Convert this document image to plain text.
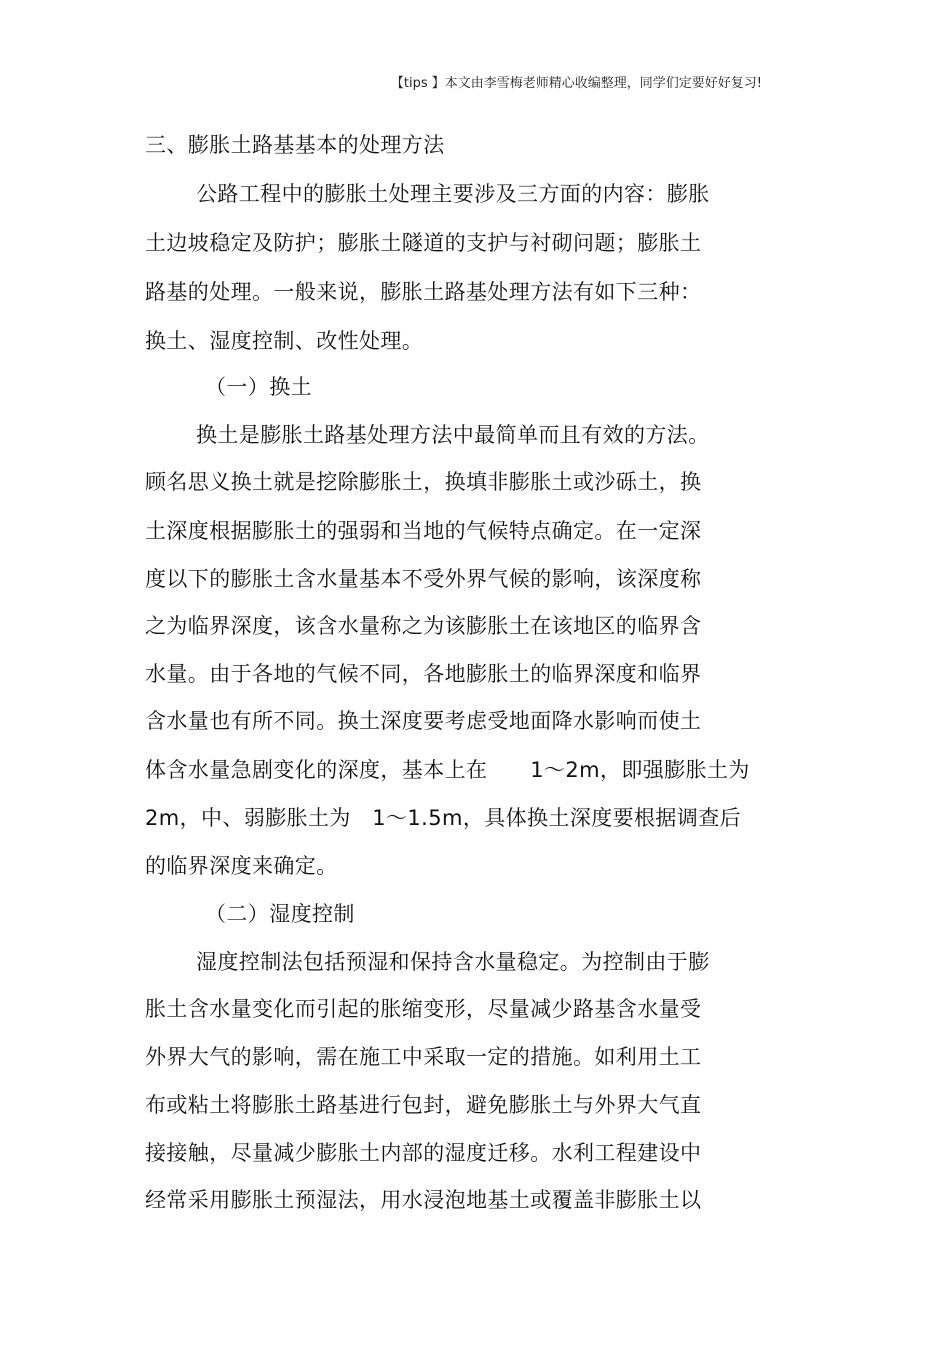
【tips 】本文由李雪梅老师精心收编整理，同学们定要好好复习!
三、膨胀土路基基本的处理方法
公路工程中的膨胀土处理主要涉及三方面的内容：膨胀
土边坡稳定及防护；膨胀土隧道的支护与衬砌问题；膨胀土
路基的处理。一般来说，膨胀土路基处理方法有如下三种：
换土、湿度控制、改性处理。
（一）换土
换土是膨胀土路基处理方法中最简单而且有效的方法。
顾名思义换土就是挖除膨胀土，换填非膨胀土或沙砾土，换
土深度根据膨胀土的强弱和当地的气候特点确定。在一定深
度以下的膨胀土含水量基本不受外界气候的影响，该深度称
之为临界深度，该含水量称之为该膨胀土在该地区的临界含
水量。由于各地的气候不同，各地膨胀土的临界深度和临界
含水量也有所不同。换土深度要考虑受地面降水影响而使土
体含水量急剧变化的深度，基本上在　　1～2m，即强膨胀土为
2m，中、弱膨胀土为　1～1.5m，具体换土深度要根据调查后
的临界深度来确定。
（二）湿度控制
湿度控制法包括预湿和保持含水量稳定。为控制由于膨
胀土含水量变化而引起的胀缩变形，尽量减少路基含水量受
外界大气的影响，需在施工中采取一定的措施。如利用土工
布或粘土将膨胀土路基进行包封，避免膨胀土与外界大气直
接接触，尽量减少膨胀土内部的湿度迁移。水利工程建设中
经常采用膨胀土预湿法，用水浸泡地基土或覆盖非膨胀土以
